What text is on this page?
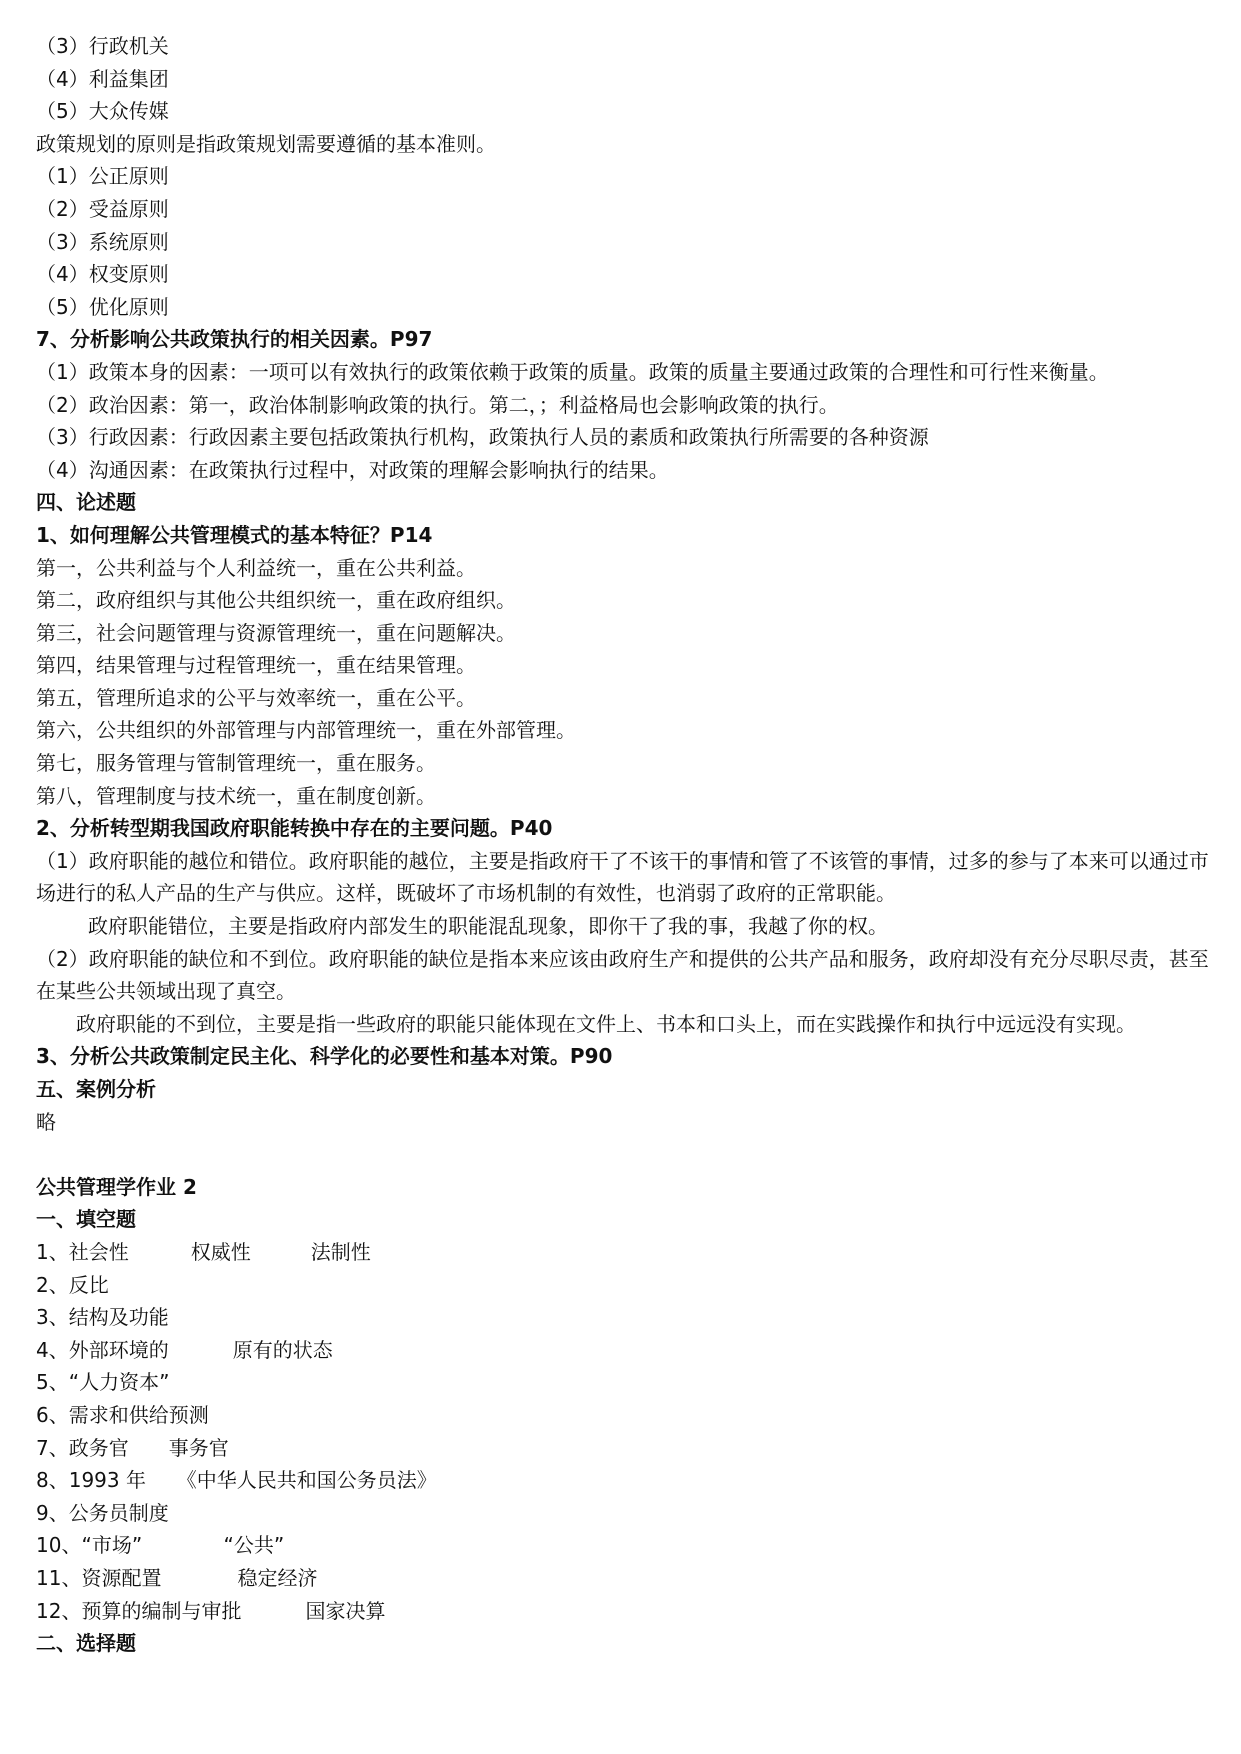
（3）行政机关
（4）利益集团
（5）大众传媒
政策规划的原则是指政策规划需要遵循的基本准则。
（1）公正原则
（2）受益原则
（3）系统原则
（4）权变原则
（5）优化原则
7、分析影响公共政策执行的相关因素。P97
（1）政策本身的因素：一项可以有效执行的政策依赖于政策的质量。政策的质量主要通过政策的合理性和可行性来衡量。
（2）政治因素：第一，政治体制影响政策的执行。第二，；利益格局也会影响政策的执行。
（3）行政因素：行政因素主要包括政策执行机构，政策执行人员的素质和政策执行所需要的各种资源
（4）沟通因素：在政策执行过程中，对政策的理解会影响执行的结果。
四、论述题
1、如何理解公共管理模式的基本特征？P14
第一，公共利益与个人利益统一，重在公共利益。
第二，政府组织与其他公共组织统一，重在政府组织。
第三，社会问题管理与资源管理统一，重在问题解决。
第四，结果管理与过程管理统一，重在结果管理。
第五，管理所追求的公平与效率统一，重在公平。
第六，公共组织的外部管理与内部管理统一，重在外部管理。
第七，服务管理与管制管理统一，重在服务。
第八，管理制度与技术统一，重在制度创新。
2、分析转型期我国政府职能转换中存在的主要问题。P40
（1）政府职能的越位和错位。政府职能的越位，主要是指政府干了不该干的事情和管了不该管的事情，过多的参与了本来可以通过市场进行的私人产品的生产与供应。这样，既破坏了市场机制的有效性，也消弱了政府的正常职能。
政府职能错位，主要是指政府内部发生的职能混乱现象，即你干了我的事，我越了你的权。
（2）政府职能的缺位和不到位。政府职能的缺位是指本来应该由政府生产和提供的公共产品和服务，政府却没有充分尽职尽责，甚至在某些公共领域出现了真空。
政府职能的不到位，主要是指一些政府的职能只能体现在文件上、书本和口头上，而在实践操作和执行中远远没有实现。
3、分析公共政策制定民主化、科学化的必要性和基本对策。P90
五、案例分析
略
公共管理学作业 2
一、填空题
1、社会性	权威性	法制性
2、反比
3、结构及功能
4、外部环境的	原有的状态
5、“人力资本”
6、需求和供给预测
7、政务官 事务官
8、1993 年 《中华人民共和国公务员法》
9、公务员制度
10、“市场”	“公共”
11、资源配置	稳定经济
12、预算的编制与审批	国家决算
二、选择题
